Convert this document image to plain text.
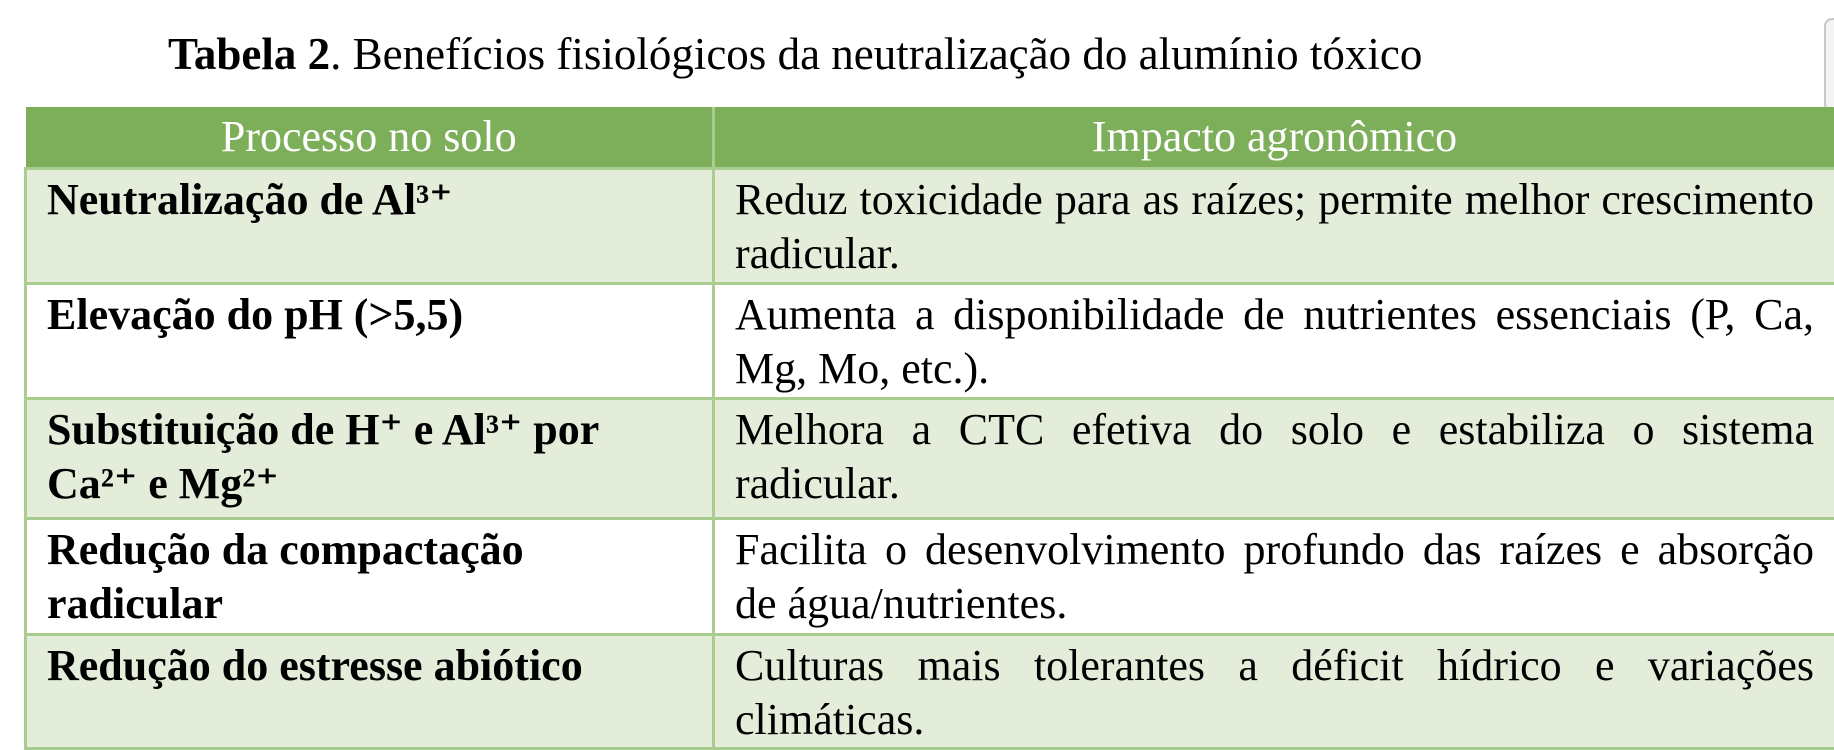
Tabela 2. Benefícios fisiológicos da neutralização do alumínio tóxico
Processo no solo	Impacto agronômico
Neutralização de Al³⁺	Reduz toxicidade para as raízes; permite melhor crescimento radicular.
Elevação do pH (>5,5)	Aumenta a disponibilidade de nutrientes essenciais (P, Ca, Mg, Mo, etc.).
Substituição de H⁺ e Al³⁺ por Ca²⁺ e Mg²⁺	Melhora a CTC efetiva do solo e estabiliza o sistema radicular.
Redução da compactação radicular	Facilita o desenvolvimento profundo das raízes e absorção de água/nutrientes.
Redução do estresse abiótico	Culturas mais tolerantes a déficit hídrico e variações climáticas.
